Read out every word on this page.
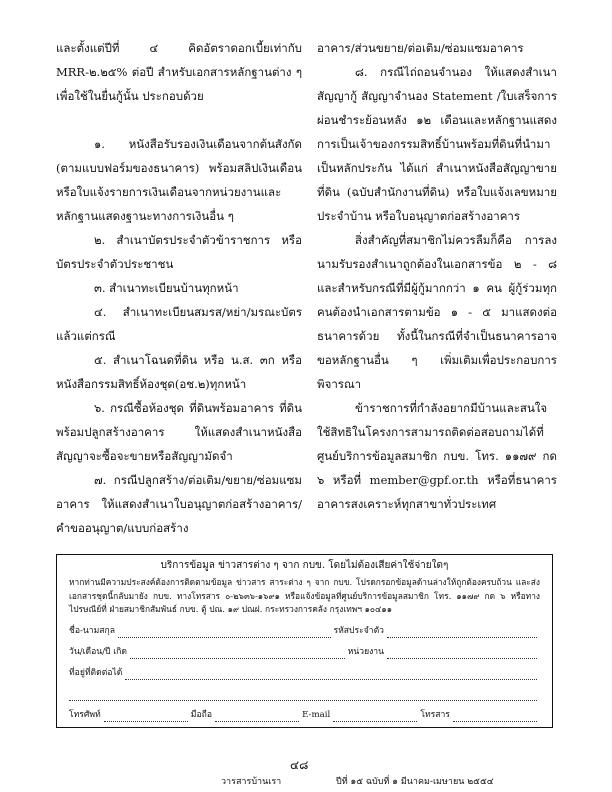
และตั้งแต่ปีที่ ๔ คิดอัตราดอกเบี้ยเท่ากับ MRR-๒.๒๕% ต่อปี สำหรับเอกสารหลักฐานต่าง ๆ เพื่อใช้ในยื่นกู้นั้น ประกอบด้วย

๑. หนังสือรับรองเงินเดือนจากต้นสังกัด (ตามแบบฟอร์มของธนาคาร) พร้อมสลิปเงินเดือนหรือใบแจ้งรายการเงินเดือนจากหน่วยงานและหลักฐานแสดงฐานะทางการเงินอื่น ๆ

๒. สำเนาบัตรประจำตัวข้าราชการ หรือบัตรประจำตัวประชาชน

๓. สำเนาทะเบียนบ้านทุกหน้า

๔. สำเนาทะเบียนสมรส/หย่า/มรณะบัตร แล้วแต่กรณี

๕. สำเนาโฉนดที่ดิน หรือ น.ส. ๓ก หรือหนังสือกรรมสิทธิ์ห้องชุด(อช.๒)ทุกหน้า

๖. กรณีซื้อห้องชุด ที่ดินพร้อมอาคาร ที่ดินพร้อมปลูกสร้างอาคาร ให้แสดงสำเนาหนังสือสัญญาจะซื้อจะขายหรือสัญญามัดจำ

๗. กรณีปลูกสร้าง/ต่อเติม/ขยาย/ซ่อมแซมอาคาร ให้แสดงสำเนาใบอนุญาตก่อสร้างอาคาร/คำขออนุญาต/แบบก่อสร้าง

อาคาร/ส่วนขยาย/ต่อเติม/ซ่อมแซมอาคาร

๘. กรณีไถ่ถอนจำนอง ให้แสดงสำเนาสัญญากู้ สัญญาจำนอง Statement /ใบเสร็จการผ่อนชำระย้อนหลัง ๑๒ เดือนและหลักฐานแสดงการเป็นเจ้าของกรรมสิทธิ์บ้านพร้อมที่ดินที่นำมาเป็นหลักประกัน ได้แก่ สำเนาหนังสือสัญญาขายที่ดิน (ฉบับสำนักงานที่ดิน) หรือใบแจ้งเลขหมายประจำบ้าน หรือใบอนุญาตก่อสร้างอาคาร

สิ่งสำคัญที่สมาชิกไม่ควรลืมก็คือ การลงนามรับรองสำเนาถูกต้องในเอกสารข้อ ๒ - ๘ และสำหรับกรณีที่มีผู้กู้มากกว่า ๑ คน ผู้กู้ร่วมทุกคนต้องนำเอกสารตามข้อ ๑ - ๕ มาแสดงต่อธนาคารด้วย ทั้งนี้ในกรณีที่จำเป็นธนาคารอาจขอหลักฐานอื่น ๆ เพิ่มเติมเพื่อประกอบการพิจารณา

ข้าราชการที่กำลังอยากมีบ้านและสนใจใช้สิทธิในโครงการสามารถติดต่อสอบถามได้ที่ศูนย์บริการข้อมูลสมาชิก กบข. โทร. ๑๑๗๙ กด ๖ หรือที่ member@gpf.or.th หรือที่ธนาคารอาคารสงเคราะห์ทุกสาขาทั่วประเทศ

บริการข้อมูล ข่าวสารต่าง ๆ จาก กบข. โดยไม่ต้องเสียค่าใช้จ่ายใดๆ
หากท่านมีความประสงค์ต้องการติดตามข้อมูล ข่าวสาร สาระต่าง ๆ จาก กบข. โปรดกรอกข้อมูลด้านล่างให้ถูกต้องครบถ้วน และส่งเอกสารชุดนี้กลับมายัง กบข. ทางโทรสาร ๐-๒๖๓๖-๑๖๙๑ หรือแจ้งข้อมูลที่ศูนย์บริการข้อมูลสมาชิก โทร. ๑๑๗๙ กด ๖ หรือทางไปรษณีย์ที่ ฝ่ายสมาชิกสัมพันธ์ กบข. ตู้ ปณ. ๑๙ ปณฝ. กระทรวงการคลัง กรุงเทพฯ ๑๐๔๑๑
ชื่อ-นามสกุล	รหัสประจำตัว
วัน/เดือน/ปี เกิด	หน่วยงาน
ที่อยู่ที่ติดต่อได้
โทรศัพท์	มือถือ	E-mail	โทรสาร
๔๘
วารสารบ้านเรา	ปีที่ ๑๕ ฉบับที่ ๑ มีนาคม-เมษายน ๒๕๕๔
